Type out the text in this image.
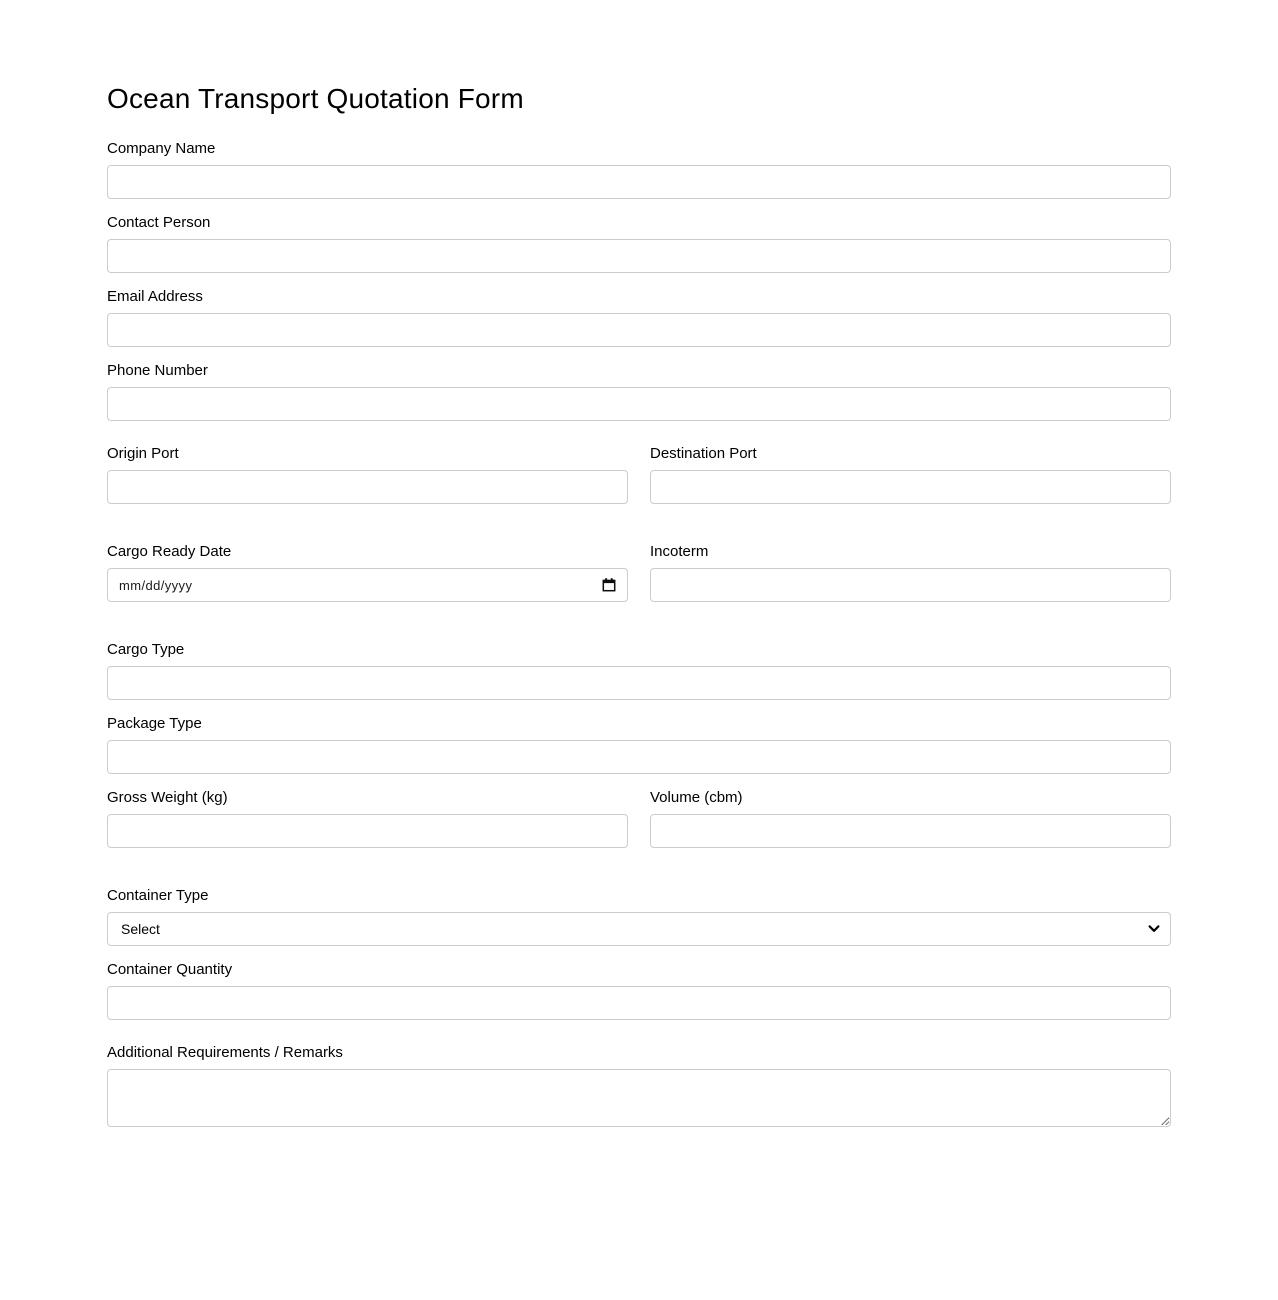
Ocean Transport Quotation Form
Company Name
Contact Person
Email Address
Phone Number
Origin Port	Destination Port
Cargo Ready Date
mm/dd/yyyy
Incoterm
Cargo Type
Package Type
Gross Weight (kg)	Volume (cbm)
Container Type
Select
Container Quantity
Additional Requirements / Remarks
